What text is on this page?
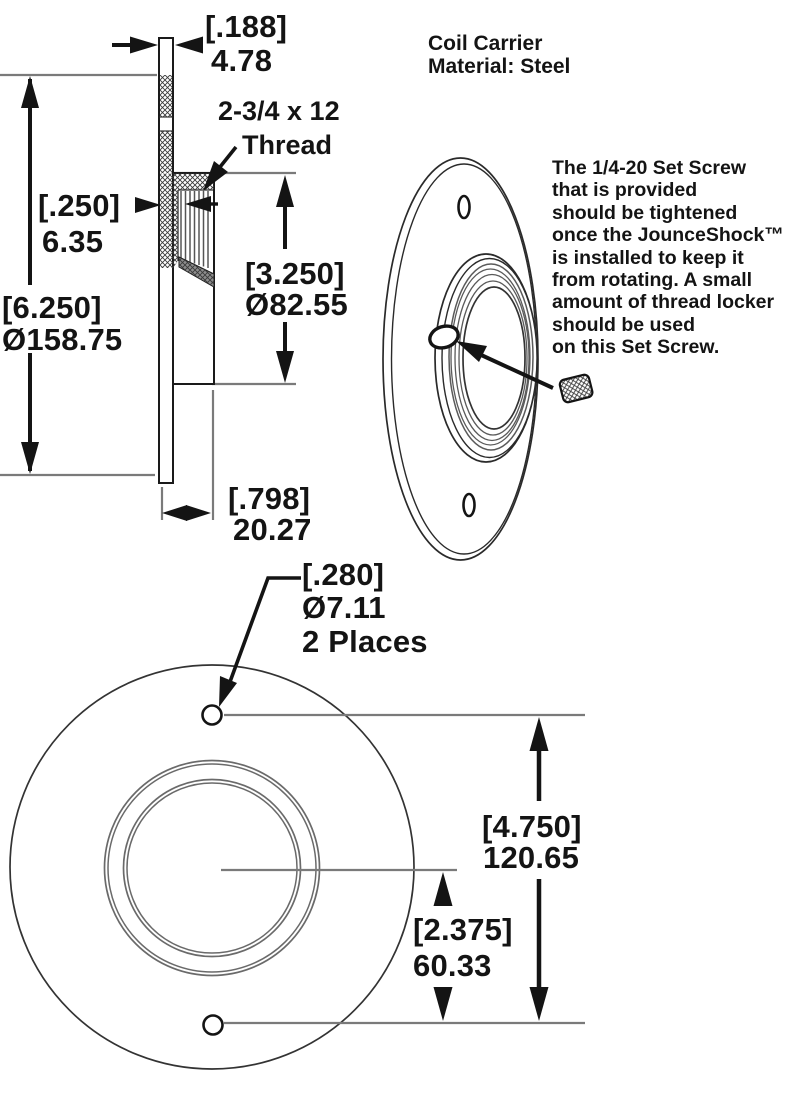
Coil Carrier
Material: Steel
The 1/4-20 Set Screw
that is provided
should be tightened
once the JounceShock™
is installed to keep it
from rotating. A small
amount of thread locker
should be used
on this Set Screw.
[.188]
4.78
2-3/4 x 12
Thread
[.250]
6.35
[6.250]
Ø158.75
[3.250]
Ø82.55
[.798]
20.27
[.280]
Ø7.11
2 Places
[4.750]
120.65
[2.375]
60.33
